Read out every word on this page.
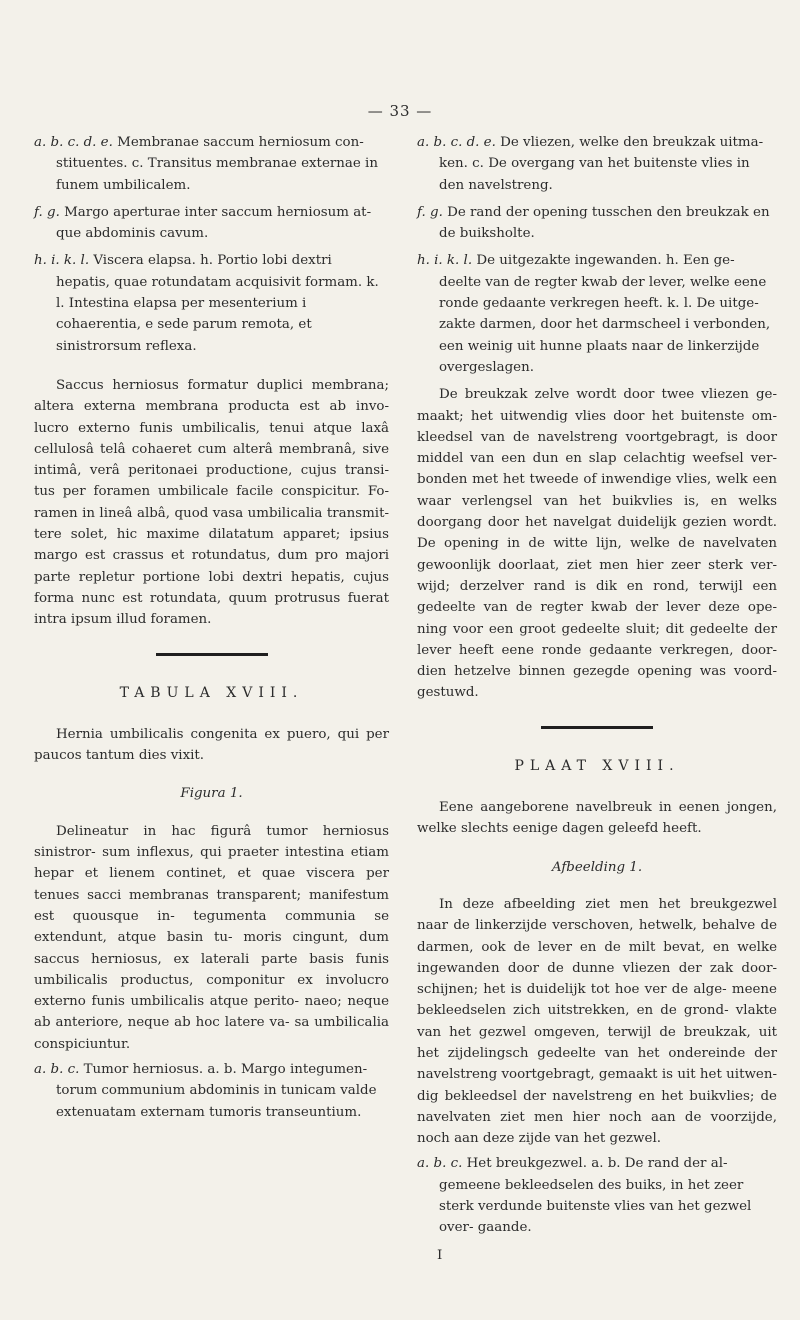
— 33 —
a. b. c. d. e. Membranae saccum herniosum con- stituentes. c. Transitus membranae externae in funem umbilicalem.
f. g. Margo aperturae inter saccum herniosum at- que abdominis cavum.
h. i. k. l. Viscera elapsa. h. Portio lobi dextri hepatis, quae rotundatam acquisivit formam. k. l. Intestina elapsa per mesenterium i cohaerentia, e sede parum remota, et sinistrorsum reflexa.

Saccus herniosus formatur duplici membrana; altera externa membrana producta est ab invo- lucro externo funis umbilicalis, tenui atque laxâ cellulosâ telâ cohaeret cum alterâ membranâ, sive intimâ, verâ peritonaei productione, cujus transi- tus per foramen umbilicale facile conspicitur. Fo- ramen in lineâ albâ, quod vasa umbilicalia transmit- tere solet, hic maxime dilatatum apparet; ipsius margo est crassus et rotundatus, dum pro majori parte repletur portione lobi dextri hepatis, cujus forma nunc est rotundata, quum protrusus fuerat intra ipsum illud foramen.

TABULA XVIII.

Hernia umbilicalis congenita ex puero, qui per paucos tantum dies vixit.

Figura 1.

Delineatur in hac figurâ tumor herniosus sinistror- sum inflexus, qui praeter intestina etiam hepar et lienem continet, et quae viscera per tenues sacci membranas transparent; manifestum est quousque in- tegumenta communia se extendunt, atque basin tu- moris cingunt, dum saccus herniosus, ex laterali parte basis funis umbilicalis productus, componitur ex involucro externo funis umbilicalis atque perito- naeo; neque ab anteriore, neque ab hoc latere va- sa umbilicalia conspiciuntur.

a. b. c. Tumor herniosus. a. b. Margo integumen- torum communium abdominis in tunicam valde extenuatam externam tumoris transeuntium.
a. b. c. d. e. De vliezen, welke den breukzak uitma- ken. c. De overgang van het buitenste vlies in den navelstreng.
f. g. De rand der opening tusschen den breukzak en de buiksholte.
h. i. k. l. De uitgezakte ingewanden. h. Een ge- deelte van de regter kwab der lever, welke eene ronde gedaante verkregen heeft. k. l. De uitge- zakte darmen, door het darmscheel i verbonden, een weinig uit hunne plaats naar de linkerzijde overgeslagen.

De breukzak zelve wordt door twee vliezen ge- maakt; het uitwendig vlies door het buitenste om- kleedsel van de navelstreng voortgebragt, is door middel van een dun en slap celachtig weefsel ver- bonden met het tweede of inwendige vlies, welk een waar verlengsel van het buikvlies is, en welks doorgang door het navelgat duidelijk gezien wordt. De opening in de witte lijn, welke de navelvaten gewoonlijk doorlaat, ziet men hier zeer sterk ver- wijd; derzelver rand is dik en rond, terwijl een gedeelte van de regter kwab der lever deze ope- ning voor een groot gedeelte sluit; dit gedeelte der lever heeft eene ronde gedaante verkregen, door- dien hetzelve binnen gezegde opening was voord- gestuwd.

PLAAT XVIII.

Eene aangeborene navelbreuk in eenen jongen, welke slechts eenige dagen geleefd heeft.

Afbeelding 1.

In deze afbeelding ziet men het breukgezwel naar de linkerzijde verschoven, hetwelk, behalve de darmen, ook de lever en de milt bevat, en welke ingewanden door de dunne vliezen der zak door- schijnen; het is duidelijk tot hoe ver de alge- meene bekleedselen zich uitstrekken, en de grond- vlakte van het gezwel omgeven, terwijl de breukzak, uit het zijdelingsch gedeelte van het ondereinde der navelstreng voortgebragt, gemaakt is uit het uitwen- dig bekleedsel der navelstreng en het buikvlies; de navelvaten ziet men hier noch aan de voorzijde, noch aan deze zijde van het gezwel.

a. b. c. Het breukgezwel. a. b. De rand der al- gemeene bekleedselen des buiks, in het zeer sterk verdunde buitenste vlies van het gezwel over- gaande.
I
